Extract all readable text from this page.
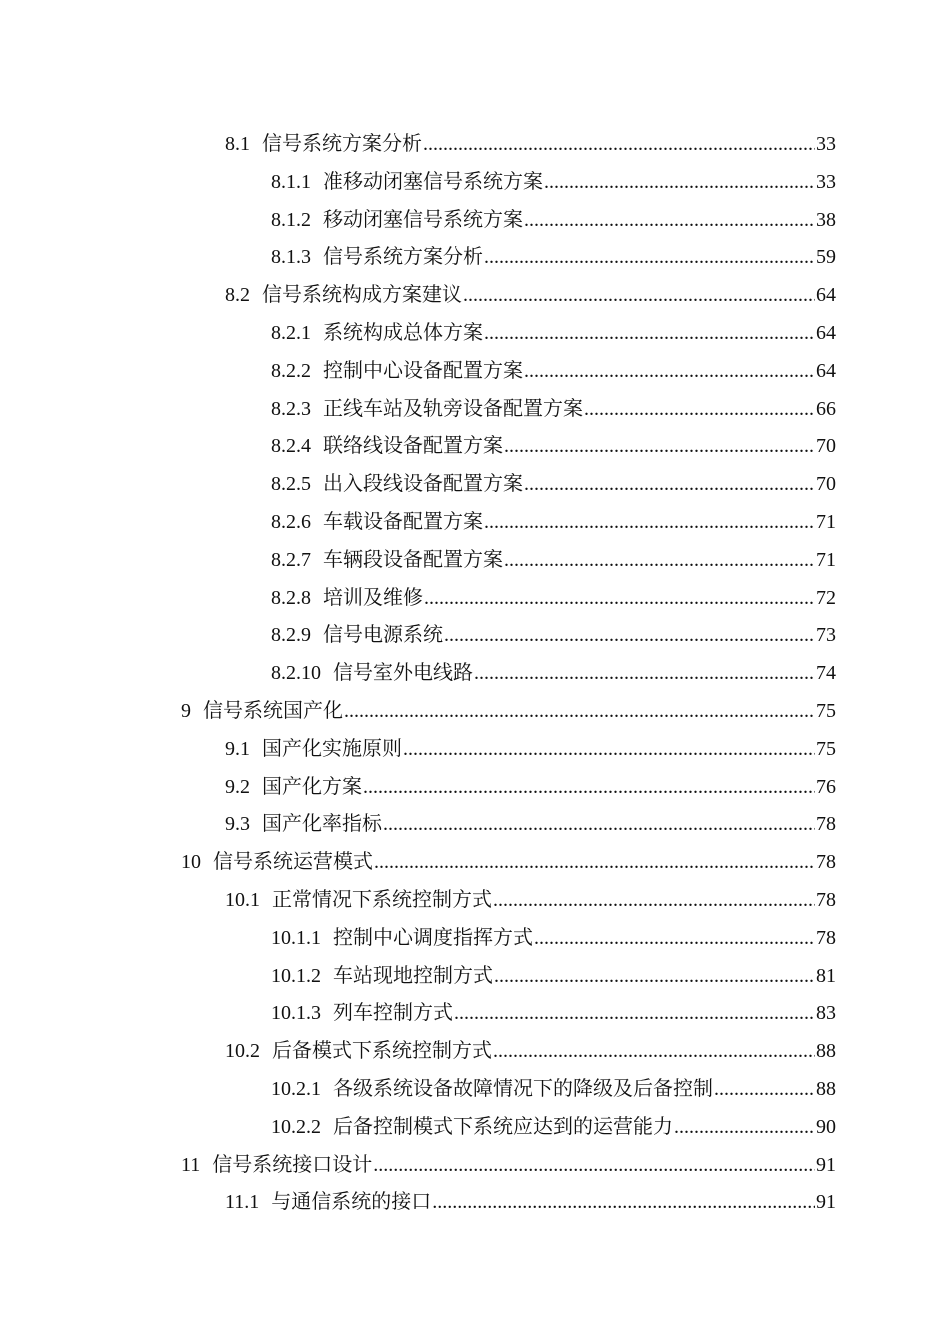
8.1 信号系统方案分析 .....	33
8.1.1 准移动闭塞信号系统方案 .....	33
8.1.2 移动闭塞信号系统方案 .....	38
8.1.3 信号系统方案分析 .....	59
8.2 信号系统构成方案建议 .....	64
8.2.1 系统构成总体方案 .....	64
8.2.2 控制中心设备配置方案 .....	64
8.2.3 正线车站及轨旁设备配置方案 .....	66
8.2.4 联络线设备配置方案 .....	70
8.2.5 出入段线设备配置方案 .....	70
8.2.6 车载设备配置方案 .....	71
8.2.7 车辆段设备配置方案 .....	71
8.2.8 培训及维修 .....	72
8.2.9 信号电源系统 .....	73
8.2.10 信号室外电线路 .....	74
9 信号系统国产化 .....	75
9.1 国产化实施原则 .....	75
9.2 国产化方案 .....	76
9.3 国产化率指标 .....	78
10 信号系统运营模式 .....	78
10.1 正常情况下系统控制方式 .....	78
10.1.1 控制中心调度指挥方式 .....	78
10.1.2 车站现地控制方式 .....	81
10.1.3 列车控制方式 .....	83
10.2 后备模式下系统控制方式 .....	88
10.2.1 各级系统设备故障情况下的降级及后备控制 .....	88
10.2.2 后备控制模式下系统应达到的运营能力 .....	90
11 信号系统接口设计 .....	91
11.1 与通信系统的接口 .....	91
